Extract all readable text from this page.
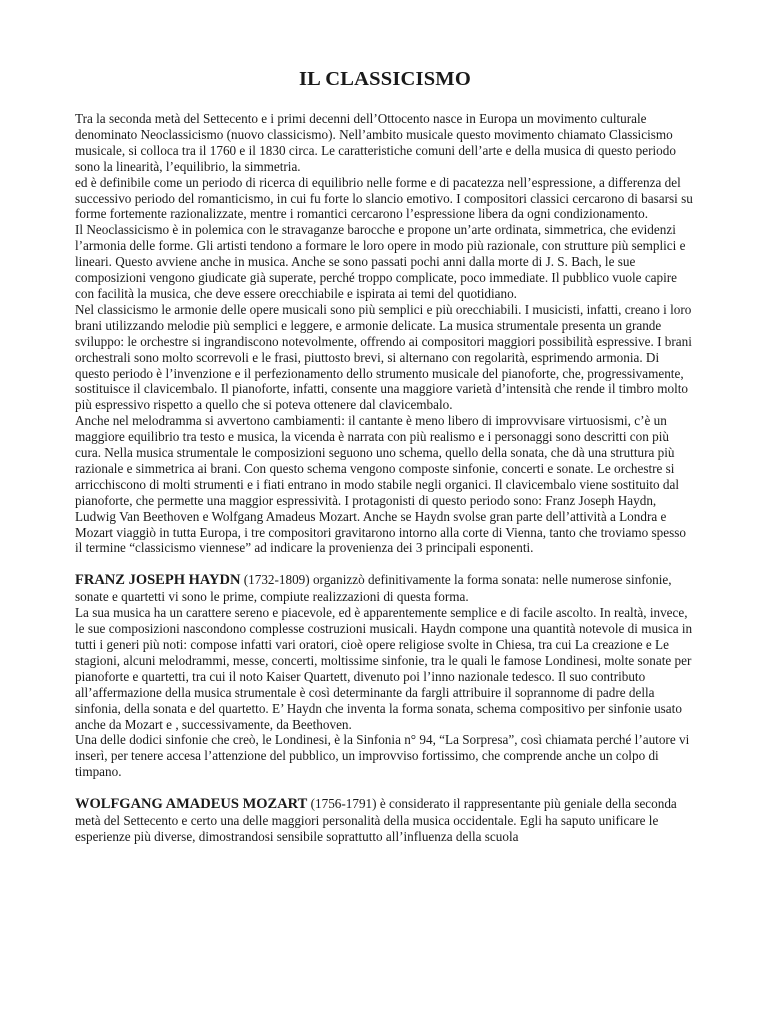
IL CLASSICISMO

Tra la seconda metà del Settecento e i primi decenni dell’Ottocento nasce in Europa un movimento culturale denominato Neoclassicismo (nuovo classicismo). Nell’ambito musicale questo movimento chiamato Classicismo musicale, si colloca tra il 1760 e il 1830 circa. Le caratteristiche comuni dell’arte e della musica di questo periodo sono la linearità, l’equilibrio, la simmetria.

ed è definibile come un periodo di ricerca di equilibrio nelle forme e di pacatezza nell’espressione, a differenza del successivo periodo del romanticismo, in cui fu forte lo slancio emotivo. I compositori classici cercarono di basarsi su forme fortemente razionalizzate, mentre i romantici cercarono l’espressione libera da ogni condizionamento.

Il Neoclassicismo è in polemica con le stravaganze barocche e propone un’arte ordinata, simmetrica, che evidenzi l’armonia delle forme. Gli artisti tendono a formare le loro opere in modo più razionale, con strutture più semplici e lineari. Questo avviene anche in musica. Anche se sono passati pochi anni dalla morte di J. S. Bach, le sue composizioni vengono giudicate già superate, perché troppo complicate, poco immediate. Il pubblico vuole capire con facilità la musica, che deve essere orecchiabile e ispirata ai temi del quotidiano.

Nel classicismo le armonie delle opere musicali sono più semplici e più orecchiabili. I musicisti, infatti, creano i loro brani utilizzando melodie più semplici e leggere, e armonie delicate. La musica strumentale presenta un grande sviluppo: le orchestre si ingrandiscono notevolmente, offrendo ai compositori maggiori possibilità espressive. I brani orchestrali sono molto scorrevoli e le frasi, piuttosto brevi, si alternano con regolarità, esprimendo armonia. Di questo periodo è l’invenzione e il perfezionamento dello strumento musicale del pianoforte, che, progressivamente, sostituisce il clavicembalo. Il pianoforte, infatti, consente una maggiore varietà d’intensità che rende il timbro molto più espressivo rispetto a quello che si poteva ottenere dal clavicembalo.

Anche nel melodramma si avvertono cambiamenti: il cantante è meno libero di improvvisare virtuosismi, c’è un maggiore equilibrio tra testo e musica, la vicenda è narrata con più realismo e i personaggi sono descritti con più cura. Nella musica strumentale le composizioni seguono uno schema, quello della sonata, che dà una struttura più razionale e simmetrica ai brani. Con questo schema vengono composte sinfonie, concerti e sonate. Le orchestre si arricchiscono di molti strumenti e i fiati entrano in modo stabile negli organici. Il clavicembalo viene sostituito dal pianoforte, che permette una maggior espressività. I protagonisti di questo periodo sono: Franz Joseph Haydn, Ludwig Van Beethoven e Wolfgang Amadeus Mozart. Anche se Haydn svolse gran parte dell’attività a Londra e Mozart viaggiò in tutta Europa, i tre compositori gravitarono intorno alla corte di Vienna, tanto che troviamo spesso il termine “classicismo viennese” ad indicare la provenienza dei 3 principali esponenti.

FRANZ JOSEPH HAYDN (1732-1809) organizzò definitivamente la forma sonata: nelle numerose sinfonie, sonate e quartetti vi sono le prime, compiute realizzazioni di questa forma.

La sua musica ha un carattere sereno e piacevole, ed è apparentemente semplice e di facile ascolto. In realtà, invece, le sue composizioni nascondono complesse costruzioni musicali. Haydn compone una quantità notevole di musica in tutti i generi più noti: compose infatti vari oratori, cioè opere religiose svolte in Chiesa, tra cui La creazione e Le stagioni, alcuni melodrammi, messe, concerti, moltissime sinfonie, tra le quali le famose Londinesi, molte sonate per pianoforte e quartetti, tra cui il noto Kaiser Quartett, divenuto poi l’inno nazionale tedesco. Il suo contributo all’affermazione della musica strumentale è così determinante da fargli attribuire il soprannome di padre della sinfonia, della sonata e del quartetto. E’ Haydn che inventa la forma sonata, schema compositivo per sinfonie usato anche da Mozart e , successivamente, da Beethoven.

Una delle dodici sinfonie che creò, le Londinesi, è la Sinfonia n° 94, “La Sorpresa”, così chiamata perché l’autore vi inserì, per tenere accesa l’attenzione del pubblico, un improvviso fortissimo, che comprende anche un colpo di timpano.

WOLFGANG AMADEUS MOZART (1756-1791) è considerato il rappresentante più geniale della seconda metà del Settecento e certo una delle maggiori personalità della musica occidentale. Egli ha saputo unificare le esperienze più diverse, dimostrandosi sensibile soprattutto all’influenza della scuola
